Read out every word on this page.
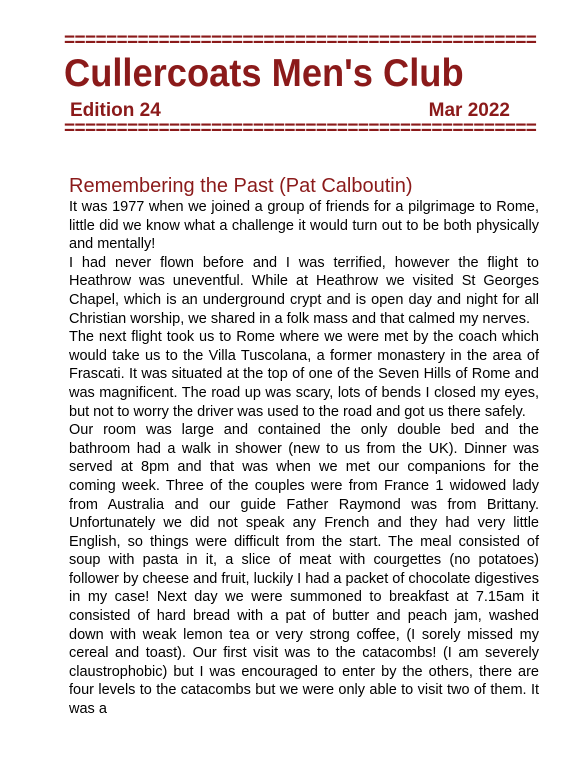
=============================================
Cullercoats Men's Club
Edition 24	Mar 2022
=============================================
Remembering the Past (Pat Calboutin)

It was 1977 when we joined a group of friends for a pilgrimage to Rome, little did we know what a challenge it would turn out to be both physically and mentally!

I had never flown before and I was terrified, however the flight to Heathrow was uneventful. While at Heathrow we visited St Georges Chapel, which is an underground crypt and is open day and night for all Christian worship, we shared in a folk mass and that calmed my nerves.

The next flight took us to Rome where we were met by the coach which would take us to the Villa Tuscolana, a former monastery in the area of Frascati. It was situated at the top of one of the Seven Hills of Rome and was magnificent. The road up was scary, lots of bends I closed my eyes, but not to worry the driver was used to the road and got us there safely.

Our room was large and contained the only double bed and the bathroom had a walk in shower (new to us from the UK). Dinner was served at 8pm and that was when we met our companions for the coming week. Three of the couples were from France 1 widowed lady from Australia and our guide Father Raymond was from Brittany. Unfortunately we did not speak any French and they had very little English, so things were difficult from the start. The meal consisted of soup with pasta in it, a slice of meat with courgettes (no potatoes) follower by cheese and fruit, luckily I had a packet of chocolate digestives in my case! Next day we were summoned to breakfast at 7.15am it consisted of hard bread with a pat of butter and peach jam, washed down with weak lemon tea or very strong coffee, (I sorely missed my cereal and toast). Our first visit was to the catacombs! (I am severely claustrophobic) but I was encouraged to enter by the others, there are four levels to the catacombs but we were only able to visit two of them. It was a
